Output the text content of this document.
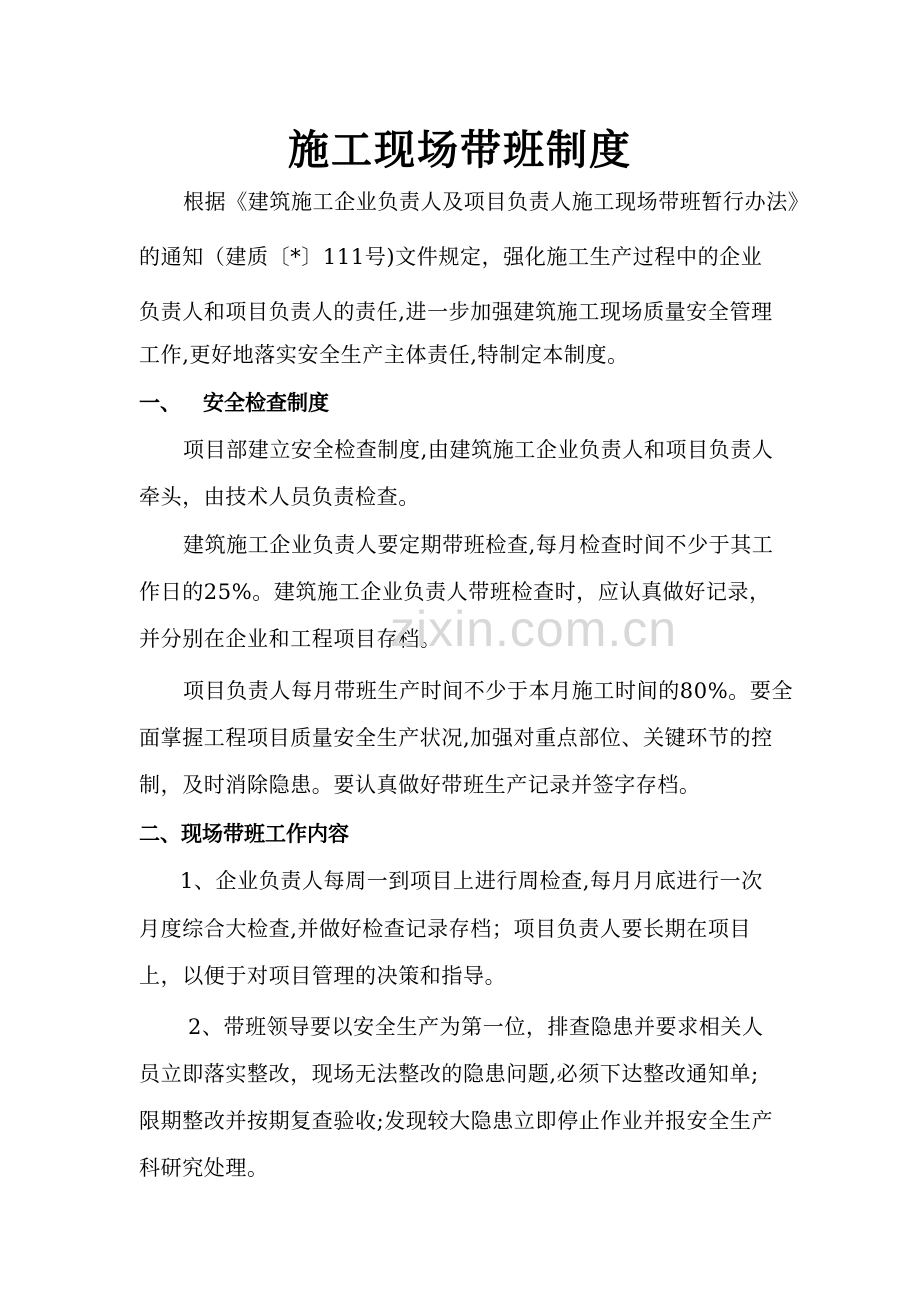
施工现场带班制度
根据《建筑施工企业负责人及项目负责人施工现场带班暂行办法》
的通知（建质〔*〕111号)文件规定，强化施工生产过程中的企业
负责人和项目负责人的责任,进一步加强建筑施工现场质量安全管理
工作,更好地落实安全生产主体责任,特制定本制度。
一、 安全检查制度
项目部建立安全检查制度,由建筑施工企业负责人和项目负责人
牵头，由技术人员负责检查。
建筑施工企业负责人要定期带班检查,每月检查时间不少于其工
作日的25%。建筑施工企业负责人带班检查时，应认真做好记录，
并分别在企业和工程项目存档。
项目负责人每月带班生产时间不少于本月施工时间的80%。要全
面掌握工程项目质量安全生产状况,加强对重点部位、关键环节的控
制，及时消除隐患。要认真做好带班生产记录并签字存档。
二、现场带班工作内容
1、企业负责人每周一到项目上进行周检查,每月月底进行一次
月度综合大检查,并做好检查记录存档；项目负责人要长期在项目
上，以便于对项目管理的决策和指导。
2、带班领导要以安全生产为第一位，排查隐患并要求相关人
员立即落实整改，现场无法整改的隐患问题,必须下达整改通知单;
限期整改并按期复查验收;发现较大隐患立即停止作业并报安全生产
科研究处理。
zixin.com.cn
